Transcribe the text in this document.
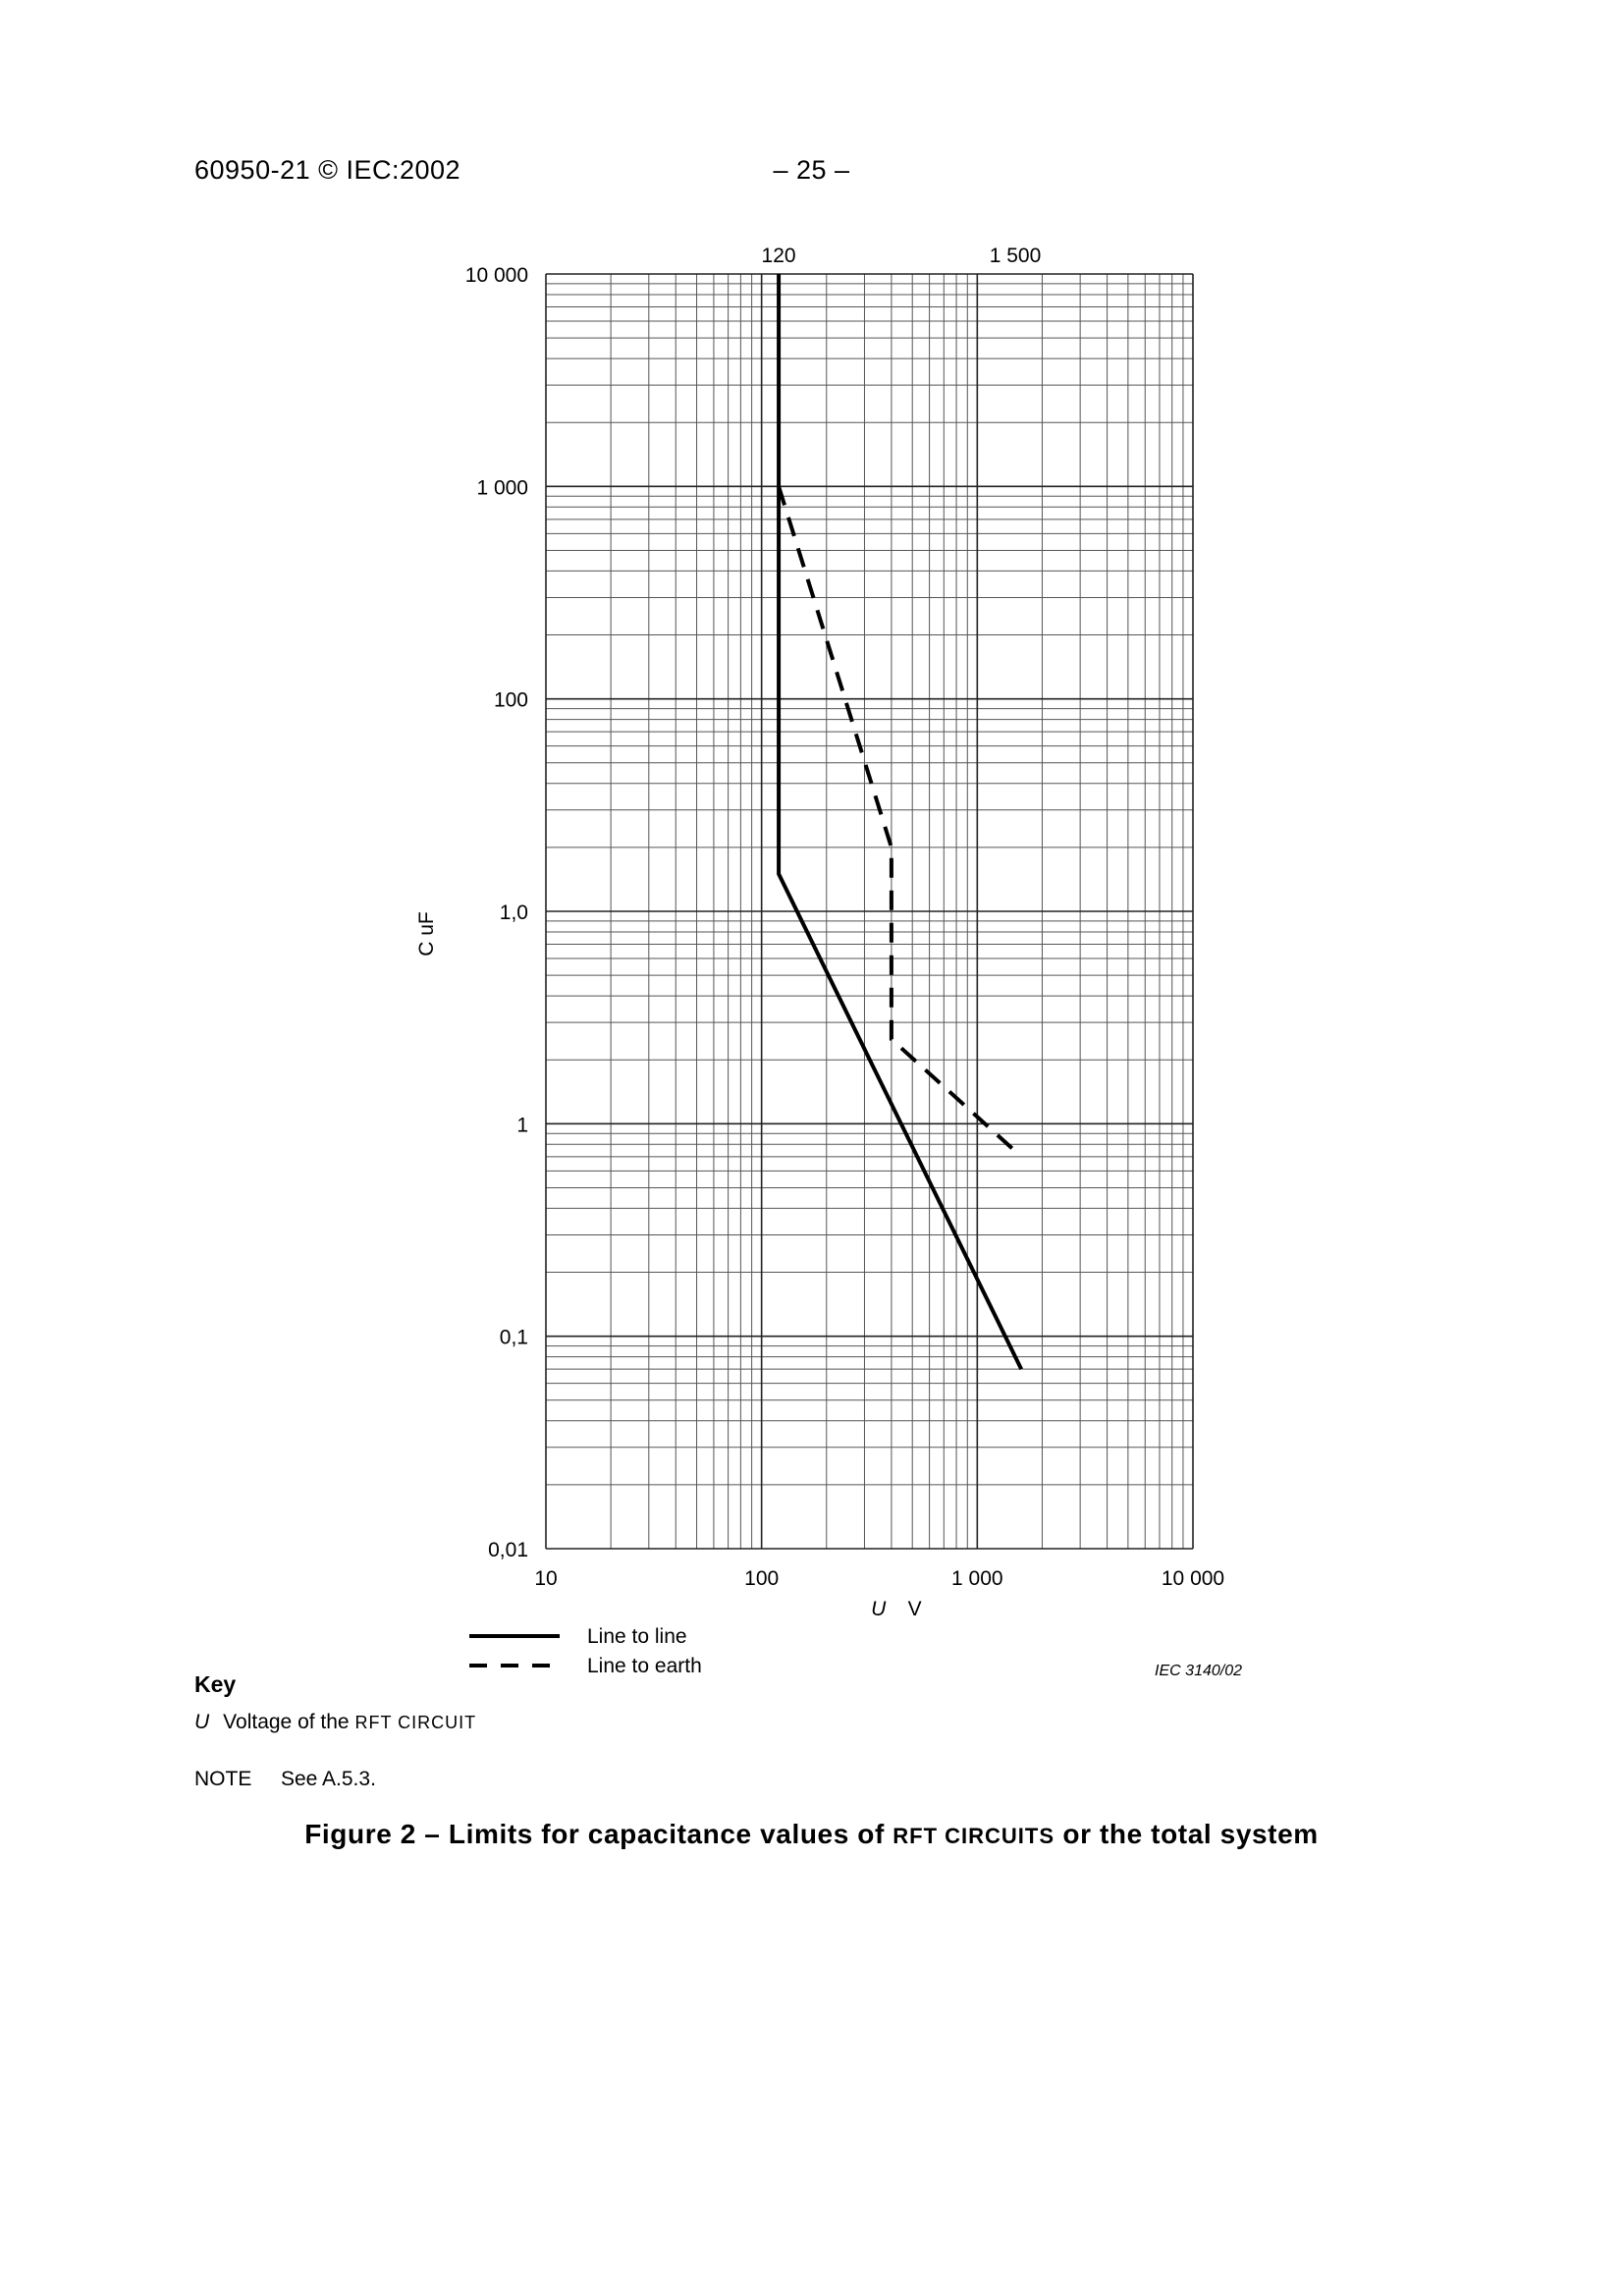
60950-21 © IEC:2002	– 25 –
10 000
1 000
100
1,0
1
0,1
0,01
10	100	1 000	10 000
120	1 500
U V
C uF
IEC 3140/02
Line to line
Line to earth
Key
U Voltage of the RFT CIRCUIT
NOTE See A.5.3.
Figure 2 – Limits for capacitance values of RFT CIRCUITS or the total system
